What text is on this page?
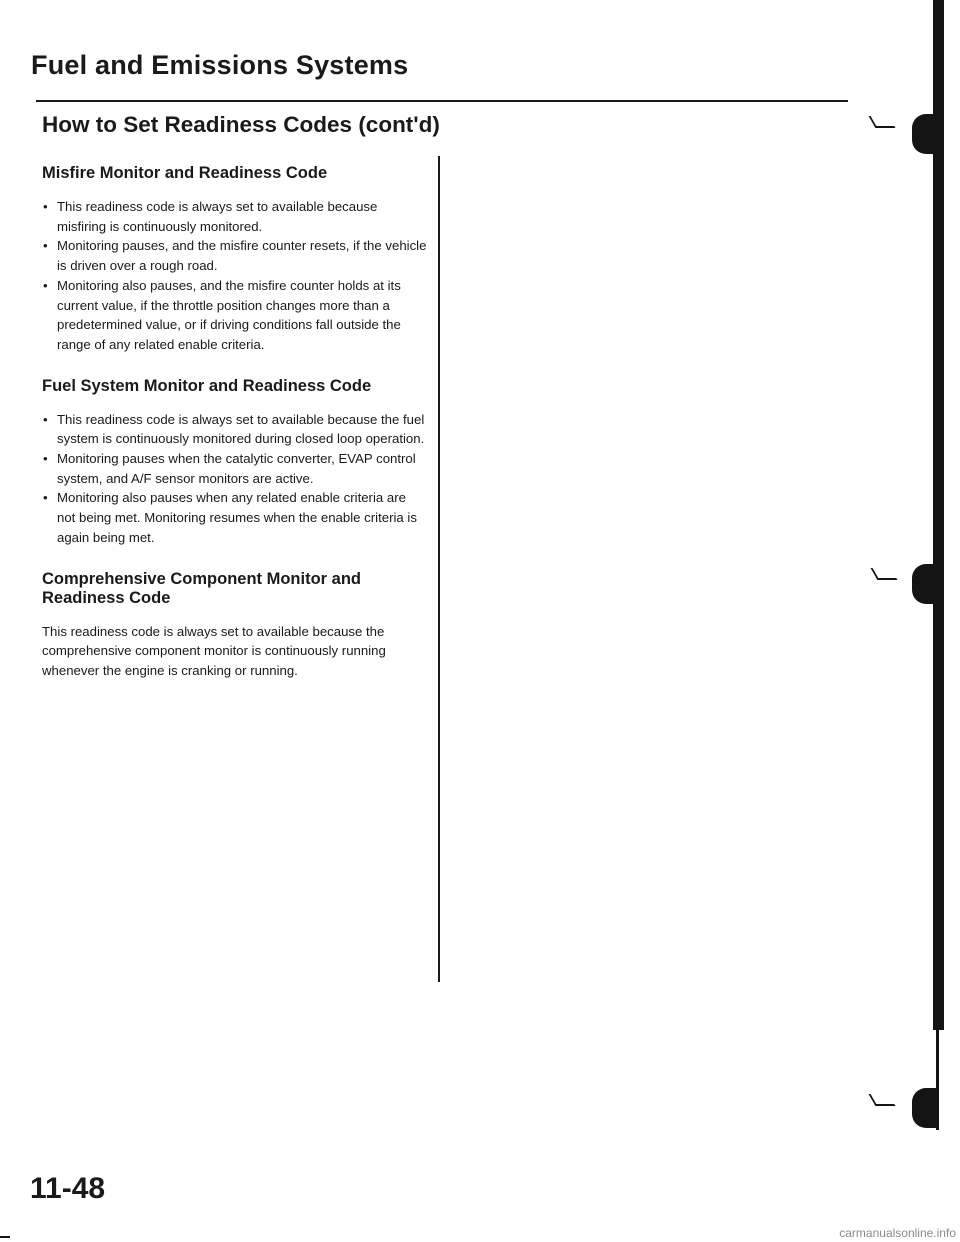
Fuel and Emissions Systems
How to Set Readiness Codes (cont'd)
Misfire Monitor and Readiness Code
• This readiness code is always set to available because misfiring is continuously monitored.
• Monitoring pauses, and the misfire counter resets, if the vehicle is driven over a rough road.
• Monitoring also pauses, and the misfire counter holds at its current value, if the throttle position changes more than a predetermined value, or if driving conditions fall outside the range of any related enable criteria.
Fuel System Monitor and Readiness Code
• This readiness code is always set to available because the fuel system is continuously monitored during closed loop operation.
• Monitoring pauses when the catalytic converter, EVAP control system, and A/F sensor monitors are active.
• Monitoring also pauses when any related enable criteria are not being met. Monitoring resumes when the enable criteria is again being met.
Comprehensive Component Monitor and Readiness Code

This readiness code is always set to available because the comprehensive component monitor is continuously running whenever the engine is cranking or running.

11-48

carmanualsonline.info
